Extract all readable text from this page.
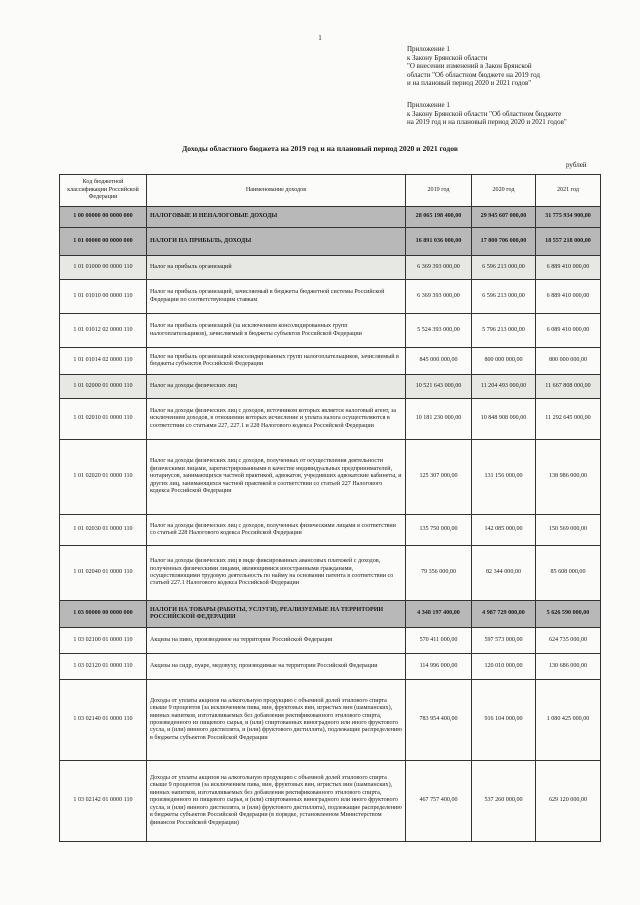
1
Приложение 1
к Закону Брянской области
"О внесении изменений в Закон Брянской
области "Об областном бюджете на 2019 год
и на плановый период 2020 и 2021 годов"
Приложение 1
к Закону Брянской области "Об областном бюджете
на 2019 год и на плановый период 2020 и 2021 годов"
Доходы областного бюджета на 2019 год и на плановый период 2020 и 2021 годов
рублей
Код бюджетной классификации Российской Федерации	Наименование доходов	2019 год	2020 год	2021 год
1 00 00000 00 0000 000	НАЛОГОВЫЕ И НЕНАЛОГОВЫЕ ДОХОДЫ	28 065 198 400,00	29 945 607 000,00	31 775 934 900,00
1 01 00000 00 0000 000	НАЛОГИ НА ПРИБЫЛЬ, ДОХОДЫ	16 891 036 000,00	17 800 706 000,00	18 557 218 000,00
1 01 01000 00 0000 110	Налог на прибыль организаций	6 369 393 000,00	6 596 213 000,00	6 889 410 000,00
1 01 01010 00 0000 110	Налог на прибыль организаций, зачисляемый в бюджеты бюджетной системы Российской Федерации по соответствующим ставкам	6 369 393 000,00	6 596 213 000,00	6 889 410 000,00
1 01 01012 02 0000 110	Налог на прибыль организаций (за исключением консолидированных групп налогоплательщиков), зачисляемый в бюджеты субъектов Российской Федерации	5 524 393 000,00	5 796 213 000,00	6 089 410 000,00
1 01 01014 02 0000 110	Налог на прибыль организаций консолидированных групп налогоплательщиков, зачисляемый в бюджеты субъектов Российской Федерации	845 000 000,00	800 000 000,00	800 000 000,00
1 01 02000 01 0000 110	Налог на доходы физических лиц	10 521 643 000,00	11 204 493 000,00	11 667 808 000,00
1 01 02010 01 0000 110	Налог на доходы физических лиц с доходов, источником которых является налоговый агент, за исключением доходов, в отношении которых исчисление и уплата налога осуществляются в соответствии со статьями 227, 227.1 и 228 Налогового кодекса Российской Федерации	10 181 230 000,00	10 848 908 000,00	11 292 645 000,00
1 01 02020 01 0000 110	Налог на доходы физических лиц с доходов, полученных от осуществления деятельности физическими лицами, зарегистрированными в качестве индивидуальных предпринимателей, нотариусов, занимающихся частной практикой, адвокатов, учредивших адвокатские кабинеты, и других лиц, занимающихся частной практикой в соответствии со статьей 227 Налогового кодекса Российской Федерации	125 307 000,00	131 156 000,00	138 986 000,00
1 01 02030 01 0000 110	Налог на доходы физических лиц с доходов, полученных физическими лицами в соответствии со статьей 228 Налогового кодекса Российской Федерации	135 750 000,00	142 085 000,00	150 569 000,00
1 01 02040 01 0000 110	Налог на доходы физических лиц в виде фиксированных авансовых платежей с доходов, полученных физическими лицами, являющимися иностранными гражданами, осуществляющими трудовую деятельность по найму на основании патента в соответствии со статьей 227.1 Налогового кодекса Российской Федерации	79 356 000,00	82 344 000,00	85 608 000,00
1 03 00000 00 0000 000	НАЛОГИ НА ТОВАРЫ (РАБОТЫ, УСЛУГИ), РЕАЛИЗУЕМЫЕ НА ТЕРРИТОРИИ РОССИЙСКОЙ ФЕДЕРАЦИИ	4 348 197 400,00	4 987 729 000,00	5 626 590 000,00
1 03 02100 01 0000 110	Акцизы на пиво, производимое на территории Российской Федерации	570 411 000,00	597 573 000,00	624 735 000,00
1 03 02120 01 0000 110	Акцизы на сидр, пуаре, медовуху, производимые на территории Российской Федерации	114 996 000,00	120 010 000,00	130 686 000,00
1 03 02140 01 0000 110	Доходы от уплаты акцизов на алкогольную продукцию с объемной долей этилового спирта свыше 9 процентов (за исключением пива, вин, фруктовых вин, игристых вин (шампанских), винных напитков, изготавливаемых без добавления ректификованного этилового спирта, произведенного из пищевого сырья, и (или) спиртованных виноградного или иного фруктового сусла, и (или) винного дистиллята, и (или) фруктового дистиллята), подлежащие распределению в бюджеты субъектов Российской Федерации	783 954 400,00	916 104 000,00	1 080 425 000,00
1 03 02142 01 0000 110	Доходы от уплаты акцизов на алкогольную продукцию с объемной долей этилового спирта свыше 9 процентов (за исключением пива, вин, фруктовых вин, игристых вин (шампанских), винных напитков, изготавливаемых без добавления ректификованного этилового спирта, произведенного из пищевого сырья, и (или) спиртованных виноградного или иного фруктового сусла, и (или) винного дистиллята, и (или) фруктового дистиллята), подлежащие распределению в бюджеты субъектов Российской Федерации (в порядке, установленном Министерством финансов Российской Федерации)	467 757 400,00	537 260 000,00	629 120 000,00
